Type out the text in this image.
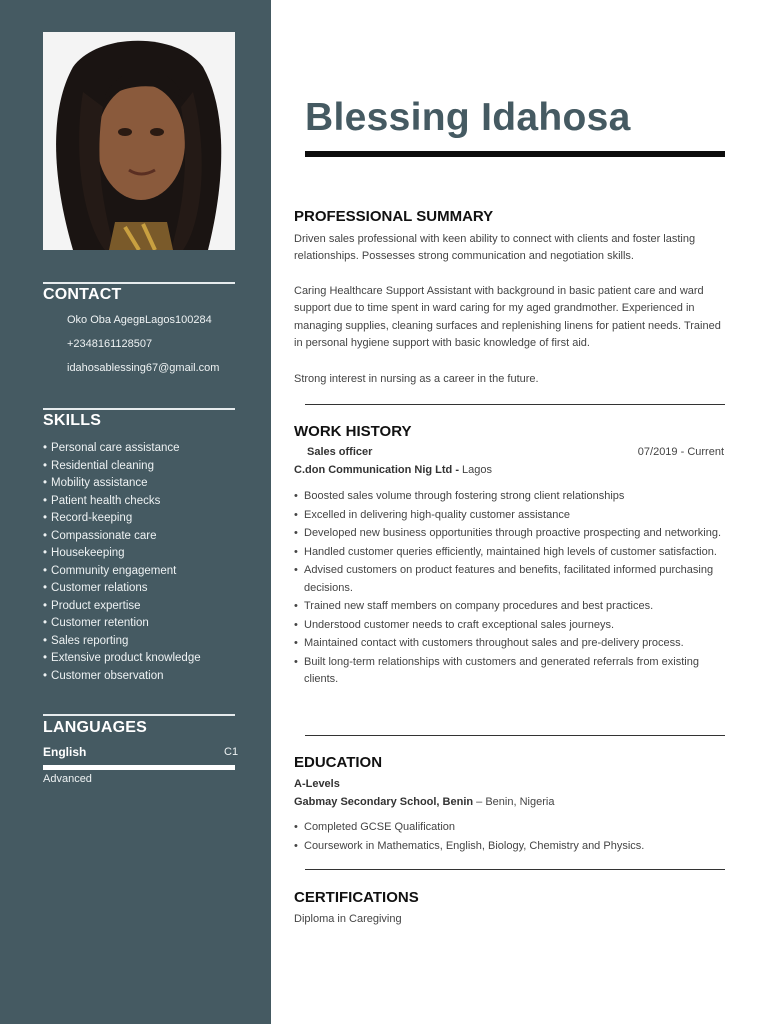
CONTACT
Oko Oba AgegвLagos100284
+2348161128507
idahosablessing67@gmail.com
SKILLS
• Personal care assistance
• Residential cleaning
• Mobility assistance
• Patient health checks
• Record-keeping
• Compassionate care
• Housekeeping
• Community engagement
• Customer relations
• Product expertise
• Customer retention
• Sales reporting
• Extensive product knowledge
• Customer observation
LANGUAGES
English	C1
Advanced
Blessing Idahosa
PROFESSIONAL SUMMARY

Driven sales professional with keen ability to connect with clients and foster lasting relationships. Possesses strong communication and negotiation skills.

Caring Healthcare Support Assistant with background in basic patient care and ward support due to time spent in ward caring for my aged grandmother. Experienced in managing supplies, cleaning surfaces and replenishing linens for patient needs. Trained in personal hygiene support with basic knowledge of first aid.

Strong interest in nursing as a career in the future.

WORK HISTORY
Sales officer	07/2019 - Current
C.don Communication Nig Ltd - Lagos
• Boosted sales volume through fostering strong client relationships
• Excelled in delivering high-quality customer assistance
• Developed new business opportunities through proactive prospecting and networking.
• Handled customer queries efficiently, maintained high levels of customer satisfaction.
• Advised customers on product features and benefits, facilitated informed purchasing decisions.
• Trained new staff members on company procedures and best practices.
• Understood customer needs to craft exceptional sales journeys.
• Maintained contact with customers throughout sales and pre-delivery process.
• Built long-term relationships with customers and generated referrals from existing clients.
EDUCATION
A-Levels
Gabmay Secondary School, Benin – Benin, Nigeria
• Completed GCSE Qualification
• Coursework in Mathematics, English, Biology, Chemistry and Physics.
CERTIFICATIONS
Diploma in Caregiving
